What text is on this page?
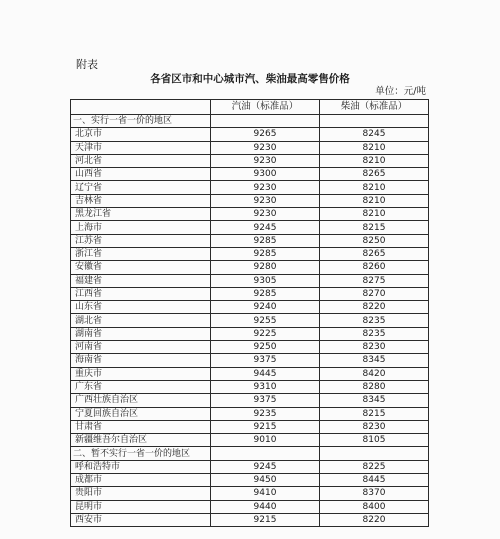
附表
各省区市和中心城市汽、柴油最高零售价格
单位：元/吨
	汽油（标准品）	柴油（标准品）
一、实行一省一价的地区		
北京市	9265	8245
天津市	9230	8210
河北省	9230	8210
山西省	9300	8265
辽宁省	9230	8210
吉林省	9230	8210
黑龙江省	9230	8210
上海市	9245	8215
江苏省	9285	8250
浙江省	9285	8265
安徽省	9280	8260
福建省	9305	8275
江西省	9285	8270
山东省	9240	8220
湖北省	9255	8235
湖南省	9225	8235
河南省	9250	8230
海南省	9375	8345
重庆市	9445	8420
广东省	9310	8280
广西壮族自治区	9375	8345
宁夏回族自治区	9235	8215
甘肃省	9215	8230
新疆维吾尔自治区	9010	8105
二、暂不实行一省一价的地区		
呼和浩特市	9245	8225
成都市	9450	8445
贵阳市	9410	8370
昆明市	9440	8400
西安市	9215	8220
